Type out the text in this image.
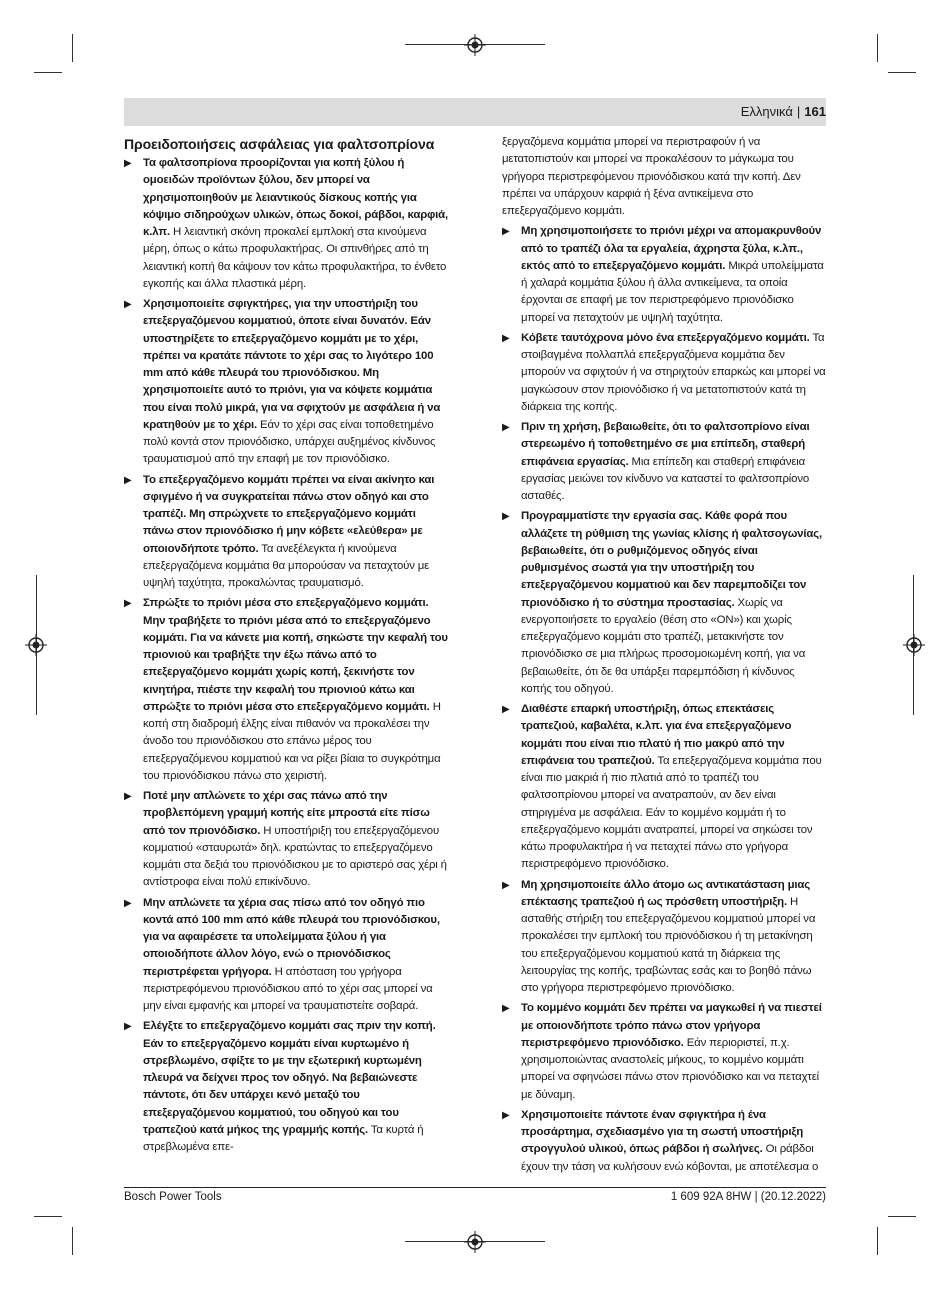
Ελληνικά | 161
Προειδοποιήσεις ασφάλειας για φαλτσοπρίονα
▶ Τα φαλτσοπρίονα προορίζονται για κοπή ξύλου ή ομοειδών προϊόντων ξύλου, δεν μπορεί να χρησιμοποιηθούν με λειαντικούς δίσκους κοπής για κόψιμο σιδηρούχων υλικών, όπως δοκοί, ράβδοι, καρφιά, κ.λπ. Η λειαντική σκόνη προκαλεί εμπλοκή στα κινούμενα μέρη, όπως ο κάτω προφυλακτήρας. Οι σπινθήρες από τη λειαντική κοπή θα κάψουν τον κάτω προφυλακτήρα, το ένθετο εγκοπής και άλλα πλαστικά μέρη.
▶ Χρησιμοποιείτε σφιγκτήρες, για την υποστήριξη του επεξεργαζόμενου κομματιού, όποτε είναι δυνατόν. Εάν υποστηρίξετε το επεξεργαζόμενο κομμάτι με το χέρι, πρέπει να κρατάτε πάντοτε το χέρι σας το λιγότερο 100 mm από κάθε πλευρά του πριονόδισκου. Μη χρησιμοποιείτε αυτό το πριόνι, για να κόψετε κομμάτια που είναι πολύ μικρά, για να σφιχτούν με ασφάλεια ή να κρατηθούν με το χέρι. Εάν το χέρι σας είναι τοποθετημένο πολύ κοντά στον πριονόδισκο, υπάρχει αυξημένος κίνδυνος τραυματισμού από την επαφή με τον πριονόδισκο.
▶ Το επεξεργαζόμενο κομμάτι πρέπει να είναι ακίνητο και σφιγμένο ή να συγκρατείται πάνω στον οδηγό και στο τραπέζι. Μη σπρώχνετε το επεξεργαζόμενο κομμάτι πάνω στον πριονόδισκο ή μην κόβετε «ελεύθερα» με οποιονδήποτε τρόπο. Τα ανεξέλεγκτα ή κινούμενα επεξεργαζόμενα κομμάτια θα μπορούσαν να πεταχτούν με υψηλή ταχύτητα, προκαλώντας τραυματισμό.
▶ Σπρώξτε το πριόνι μέσα στο επεξεργαζόμενο κομμάτι. Μην τραβήξετε το πριόνι μέσα από το επεξεργαζόμενο κομμάτι. Για να κάνετε μια κοπή, σηκώστε την κεφαλή του πριονιού και τραβήξτε την έξω πάνω από το επεξεργαζόμενο κομμάτι χωρίς κοπή, ξεκινήστε τον κινητήρα, πιέστε την κεφαλή του πριονιού κάτω και σπρώξτε το πριόνι μέσα στο επεξεργαζόμενο κομμάτι. Η κοπή στη διαδρομή έλξης είναι πιθανόν να προκαλέσει την άνοδο του πριονόδισκου στο επάνω μέρος του επεξεργαζόμενου κομματιού και να ρίξει βίαια το συγκρότημα του πριονόδισκου πάνω στο χειριστή.
▶ Ποτέ μην απλώνετε το χέρι σας πάνω από την προβλεπόμενη γραμμή κοπής είτε μπροστά είτε πίσω από τον πριονόδισκο. Η υποστήριξη του επεξεργαζόμενου κομματιού «σταυρωτά» δηλ. κρατώντας το επεξεργαζόμενο κομμάτι στα δεξιά του πριονόδισκου με το αριστερό σας χέρι ή αντίστροφα είναι πολύ επικίνδυνο.
▶ Μην απλώνετε τα χέρια σας πίσω από τον οδηγό πιο κοντά από 100 mm από κάθε πλευρά του πριονόδισκου, για να αφαιρέσετε τα υπολείμματα ξύλου ή για οποιοδήποτε άλλον λόγο, ενώ ο πριονόδισκος περιστρέφεται γρήγορα. Η απόσταση του γρήγορα περιστρεφόμενου πριονόδισκου από το χέρι σας μπορεί να μην είναι εμφανής και μπορεί να τραυματιστείτε σοβαρά.
▶ Ελέγξτε το επεξεργαζόμενο κομμάτι σας πριν την κοπή. Εάν το επεξεργαζόμενο κομμάτι είναι κυρτωμένο ή στρεβλωμένο, σφίξτε το με την εξωτερική κυρτωμένη πλευρά να δείχνει προς τον οδηγό. Να βεβαιώνεστε πάντοτε, ότι δεν υπάρχει κενό μεταξύ του επεξεργαζόμενου κομματιού, του οδηγού και του τραπεζιού κατά μήκος της γραμμής κοπής. Τα κυρτά ή στρεβλωμένα επε-
ξεργαζόμενα κομμάτια μπορεί να περιστραφούν ή να μετατοπιστούν και μπορεί να προκαλέσουν το μάγκωμα του γρήγορα περιστρεφόμενου πριονόδισκου κατά την κοπή. Δεν πρέπει να υπάρχουν καρφιά ή ξένα αντικείμενα στο επεξεργαζόμενο κομμάτι.
▶ Μη χρησιμοποιήσετε το πριόνι μέχρι να απομακρυνθούν από το τραπέζι όλα τα εργαλεία, άχρηστα ξύλα, κ.λπ., εκτός από το επεξεργαζόμενο κομμάτι. Μικρά υπολείμματα ή χαλαρά κομμάτια ξύλου ή άλλα αντικείμενα, τα οποία έρχονται σε επαφή με τον περιστρεφόμενο πριονόδισκο μπορεί να πεταχτούν με υψηλή ταχύτητα.
▶ Κόβετε ταυτόχρονα μόνο ένα επεξεργαζόμενο κομμάτι. Τα στοιβαγμένα πολλαπλά επεξεργαζόμενα κομμάτια δεν μπορούν να σφιχτούν ή να στηριχτούν επαρκώς και μπορεί να μαγκώσουν στον πριονόδισκο ή να μετατοπιστούν κατά τη διάρκεια της κοπής.
▶ Πριν τη χρήση, βεβαιωθείτε, ότι το φαλτσοπρίονο είναι στερεωμένο ή τοποθετημένο σε μια επίπεδη, σταθερή επιφάνεια εργασίας. Μια επίπεδη και σταθερή επιφάνεια εργασίας μειώνει τον κίνδυνο να καταστεί το φαλτσοπρίονο ασταθές.
▶ Προγραμματίστε την εργασία σας. Κάθε φορά που αλλάζετε τη ρύθμιση της γωνίας κλίσης ή φαλτσογωνίας, βεβαιωθείτε, ότι ο ρυθμιζόμενος οδηγός είναι ρυθμισμένος σωστά για την υποστήριξη του επεξεργαζόμενου κομματιού και δεν παρεμποδίζει τον πριονόδισκο ή το σύστημα προστασίας. Χωρίς να ενεργοποιήσετε το εργαλείο (θέση στο «ON») και χωρίς επεξεργαζόμενο κομμάτι στο τραπέζι, μετακινήστε τον πριονόδισκο σε μια πλήρως προσομοιωμένη κοπή, για να βεβαιωθείτε, ότι δε θα υπάρξει παρεμπόδιση ή κίνδυνος κοπής του οδηγού.
▶ Διαθέστε επαρκή υποστήριξη, όπως επεκτάσεις τραπεζιού, καβαλέτα, κ.λπ. για ένα επεξεργαζόμενο κομμάτι που είναι πιο πλατύ ή πιο μακρύ από την επιφάνεια του τραπεζιού. Τα επεξεργαζόμενα κομμάτια που είναι πιο μακριά ή πιο πλατιά από το τραπέζι του φαλτσοπρίονου μπορεί να ανατραπούν, αν δεν είναι στηριγμένα με ασφάλεια. Εάν το κομμένο κομμάτι ή το επεξεργαζόμενο κομμάτι ανατραπεί, μπορεί να σηκώσει τον κάτω προφυλακτήρα ή να πεταχτεί πάνω στο γρήγορα περιστρεφόμενο πριονόδισκο.
▶ Μη χρησιμοποιείτε άλλο άτομο ως αντικατάσταση μιας επέκτασης τραπεζιού ή ως πρόσθετη υποστήριξη. Η ασταθής στήριξη του επεξεργαζόμενου κομματιού μπορεί να προκαλέσει την εμπλοκή του πριονόδισκου ή τη μετακίνηση του επεξεργαζόμενου κομματιού κατά τη διάρκεια της λειτουργίας της κοπής, τραβώντας εσάς και το βοηθό πάνω στο γρήγορα περιστρεφόμενο πριονόδισκο.
▶ Το κομμένο κομμάτι δεν πρέπει να μαγκωθεί ή να πιεστεί με οποιονδήποτε τρόπο πάνω στον γρήγορα περιστρεφόμενο πριονόδισκο. Εάν περιοριστεί, π.χ. χρησιμοποιώντας αναστολείς μήκους, το κομμένο κομμάτι μπορεί να σφηνώσει πάνω στον πριονόδισκο και να πεταχτεί με δύναμη.
▶ Χρησιμοποιείτε πάντοτε έναν σφιγκτήρα ή ένα προσάρτημα, σχεδιασμένο για τη σωστή υποστήριξη στρογγυλού υλικού, όπως ράβδοι ή σωλήνες. Οι ράβδοι έχουν την τάση να κυλήσουν ενώ κόβονται, με αποτέλεσμα ο
Bosch Power Tools	1 609 92A 8HW | (20.12.2022)
